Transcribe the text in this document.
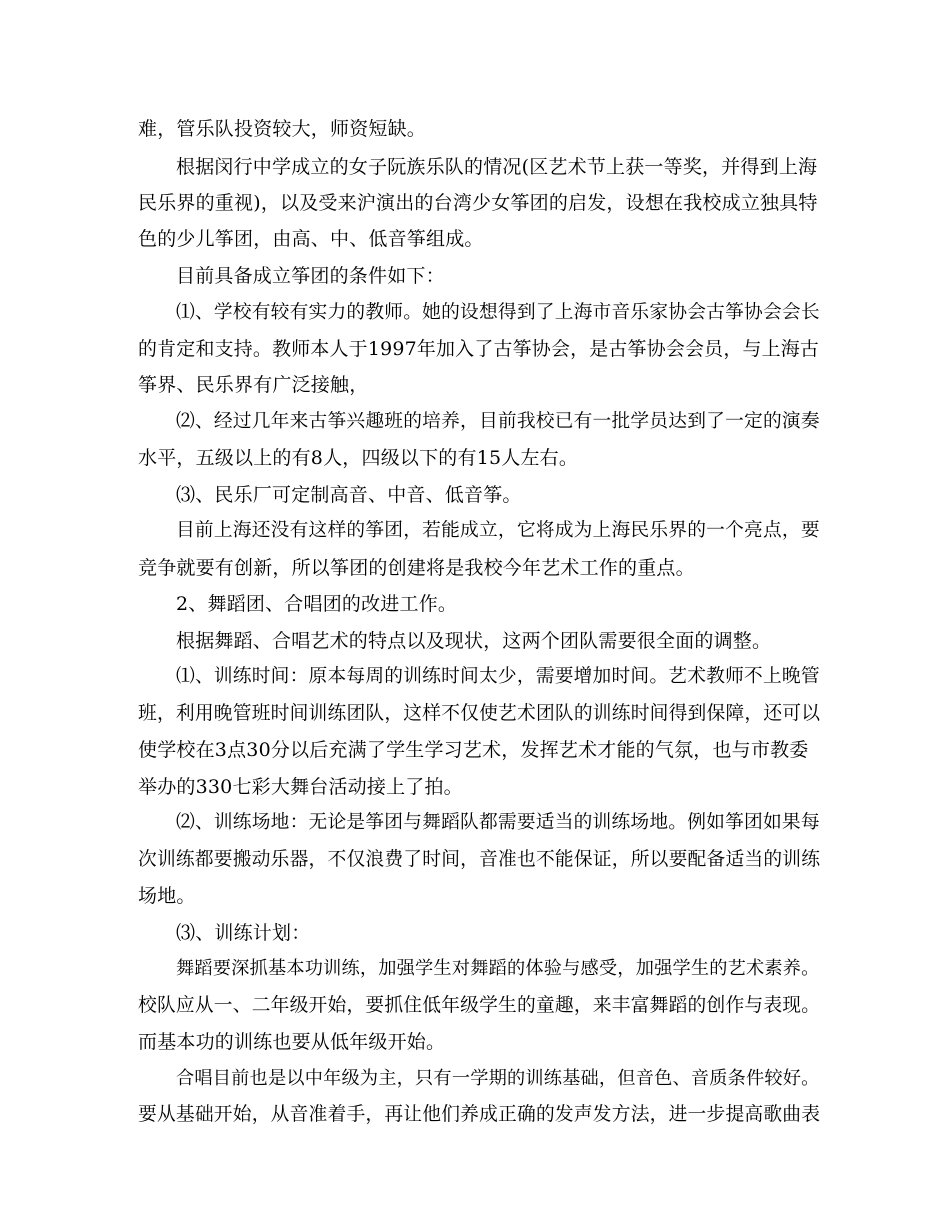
难，管乐队投资较大，师资短缺。
根据闵行中学成立的女子阮族乐队的情况(区艺术节上获一等奖，并得到上海
民乐界的重视)，以及受来沪演出的台湾少女筝团的启发，设想在我校成立独具特
色的少儿筝团，由高、中、低音筝组成。
目前具备成立筝团的条件如下：
⑴、学校有较有实力的教师。她的设想得到了上海市音乐家协会古筝协会会长
的肯定和支持。教师本人于1997年加入了古筝协会，是古筝协会会员，与上海古
筝界、民乐界有广泛接触，
⑵、经过几年来古筝兴趣班的培养，目前我校已有一批学员达到了一定的演奏
水平，五级以上的有8人，四级以下的有15人左右。
⑶、民乐厂可定制高音、中音、低音筝。
目前上海还没有这样的筝团，若能成立，它将成为上海民乐界的一个亮点，要
竞争就要有创新，所以筝团的创建将是我校今年艺术工作的重点。
2、舞蹈团、合唱团的改进工作。
根据舞蹈、合唱艺术的特点以及现状，这两个团队需要很全面的调整。
⑴、训练时间：原本每周的训练时间太少，需要增加时间。艺术教师不上晚管
班，利用晚管班时间训练团队，这样不仅使艺术团队的训练时间得到保障，还可以
使学校在3点30分以后充满了学生学习艺术，发挥艺术才能的气氛，也与市教委
举办的330七彩大舞台活动接上了拍。
⑵、训练场地：无论是筝团与舞蹈队都需要适当的训练场地。例如筝团如果每
次训练都要搬动乐器，不仅浪费了时间，音准也不能保证，所以要配备适当的训练
场地。
⑶、训练计划：
舞蹈要深抓基本功训练，加强学生对舞蹈的体验与感受，加强学生的艺术素养。
校队应从一、二年级开始，要抓住低年级学生的童趣，来丰富舞蹈的创作与表现。
而基本功的训练也要从低年级开始。
合唱目前也是以中年级为主，只有一学期的训练基础，但音色、音质条件较好。
要从基础开始，从音准着手，再让他们养成正确的发声发方法，进一步提高歌曲表
